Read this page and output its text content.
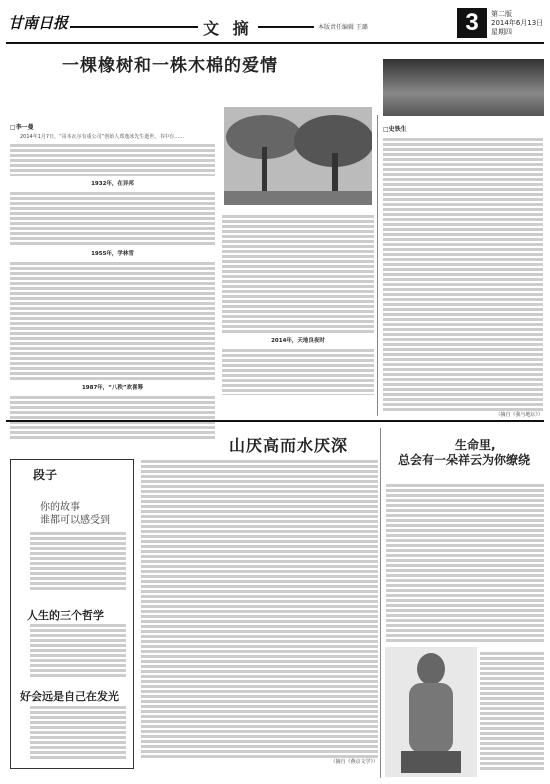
甘南日报	文 摘	本版责任编辑 王璐	3	第二版
2014年6月13日
星期四
一棵橡树和一株木棉的爱情
□李一曼
2014年1月7日，“哥本瓦尔有重公司”创始人郑逸冰先生逝世。书中有……
1932年，在异邦
1955年，学林雪
1987年，“八秩”欢喜筹
2014年，天地良夜时
□史铁生
（摘自《我与地坛》）
山厌高而水厌深	生命里,
总会有一朵祥云为你缭绕
段子
你的故事
谁都可以感受到
人生的三个哲学
好会远是自己在发光
（摘自《燕京文学》）
